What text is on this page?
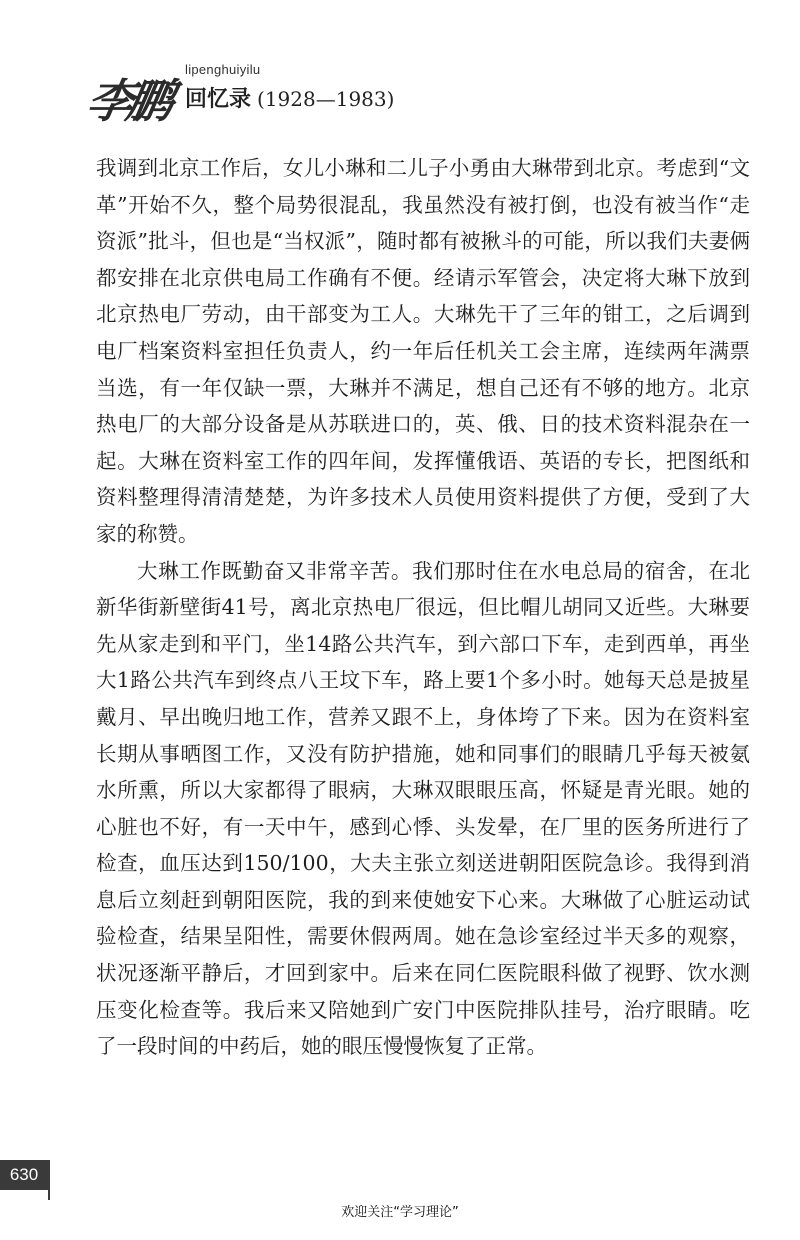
李鹏
lipenghuiyilu
回忆录 (1928—1983)

我调到北京工作后，女儿小琳和二儿子小勇由大琳带到北京。考虑到“文革”开始不久，整个局势很混乱，我虽然没有被打倒，也没有被当作“走资派”批斗，但也是“当权派”，随时都有被揪斗的可能，所以我们夫妻俩都安排在北京供电局工作确有不便。经请示军管会，决定将大琳下放到北京热电厂劳动，由干部变为工人。大琳先干了三年的钳工，之后调到电厂档案资料室担任负责人，约一年后任机关工会主席，连续两年满票当选，有一年仅缺一票，大琳并不满足，想自己还有不够的地方。北京热电厂的大部分设备是从苏联进口的，英、俄、日的技术资料混杂在一起。大琳在资料室工作的四年间，发挥懂俄语、英语的专长，把图纸和资料整理得清清楚楚，为许多技术人员使用资料提供了方便，受到了大家的称赞。

大琳工作既勤奋又非常辛苦。我们那时住在水电总局的宿舍，在北新华街新壁街41号，离北京热电厂很远，但比帽儿胡同又近些。大琳要先从家走到和平门，坐14路公共汽车，到六部口下车，走到西单，再坐大1路公共汽车到终点八王坟下车，路上要1个多小时。她每天总是披星戴月、早出晚归地工作，营养又跟不上，身体垮了下来。因为在资料室长期从事晒图工作，又没有防护措施，她和同事们的眼睛几乎每天被氨水所熏，所以大家都得了眼病，大琳双眼眼压高，怀疑是青光眼。她的心脏也不好，有一天中午，感到心悸、头发晕，在厂里的医务所进行了检查，血压达到150/100，大夫主张立刻送进朝阳医院急诊。我得到消息后立刻赶到朝阳医院，我的到来使她安下心来。大琳做了心脏运动试验检查，结果呈阳性，需要休假两周。她在急诊室经过半天多的观察，状况逐渐平静后，才回到家中。后来在同仁医院眼科做了视野、饮水测压变化检查等。我后来又陪她到广安门中医院排队挂号，治疗眼睛。吃了一段时间的中药后，她的眼压慢慢恢复了正常。

630
欢迎关注“学习理论”
